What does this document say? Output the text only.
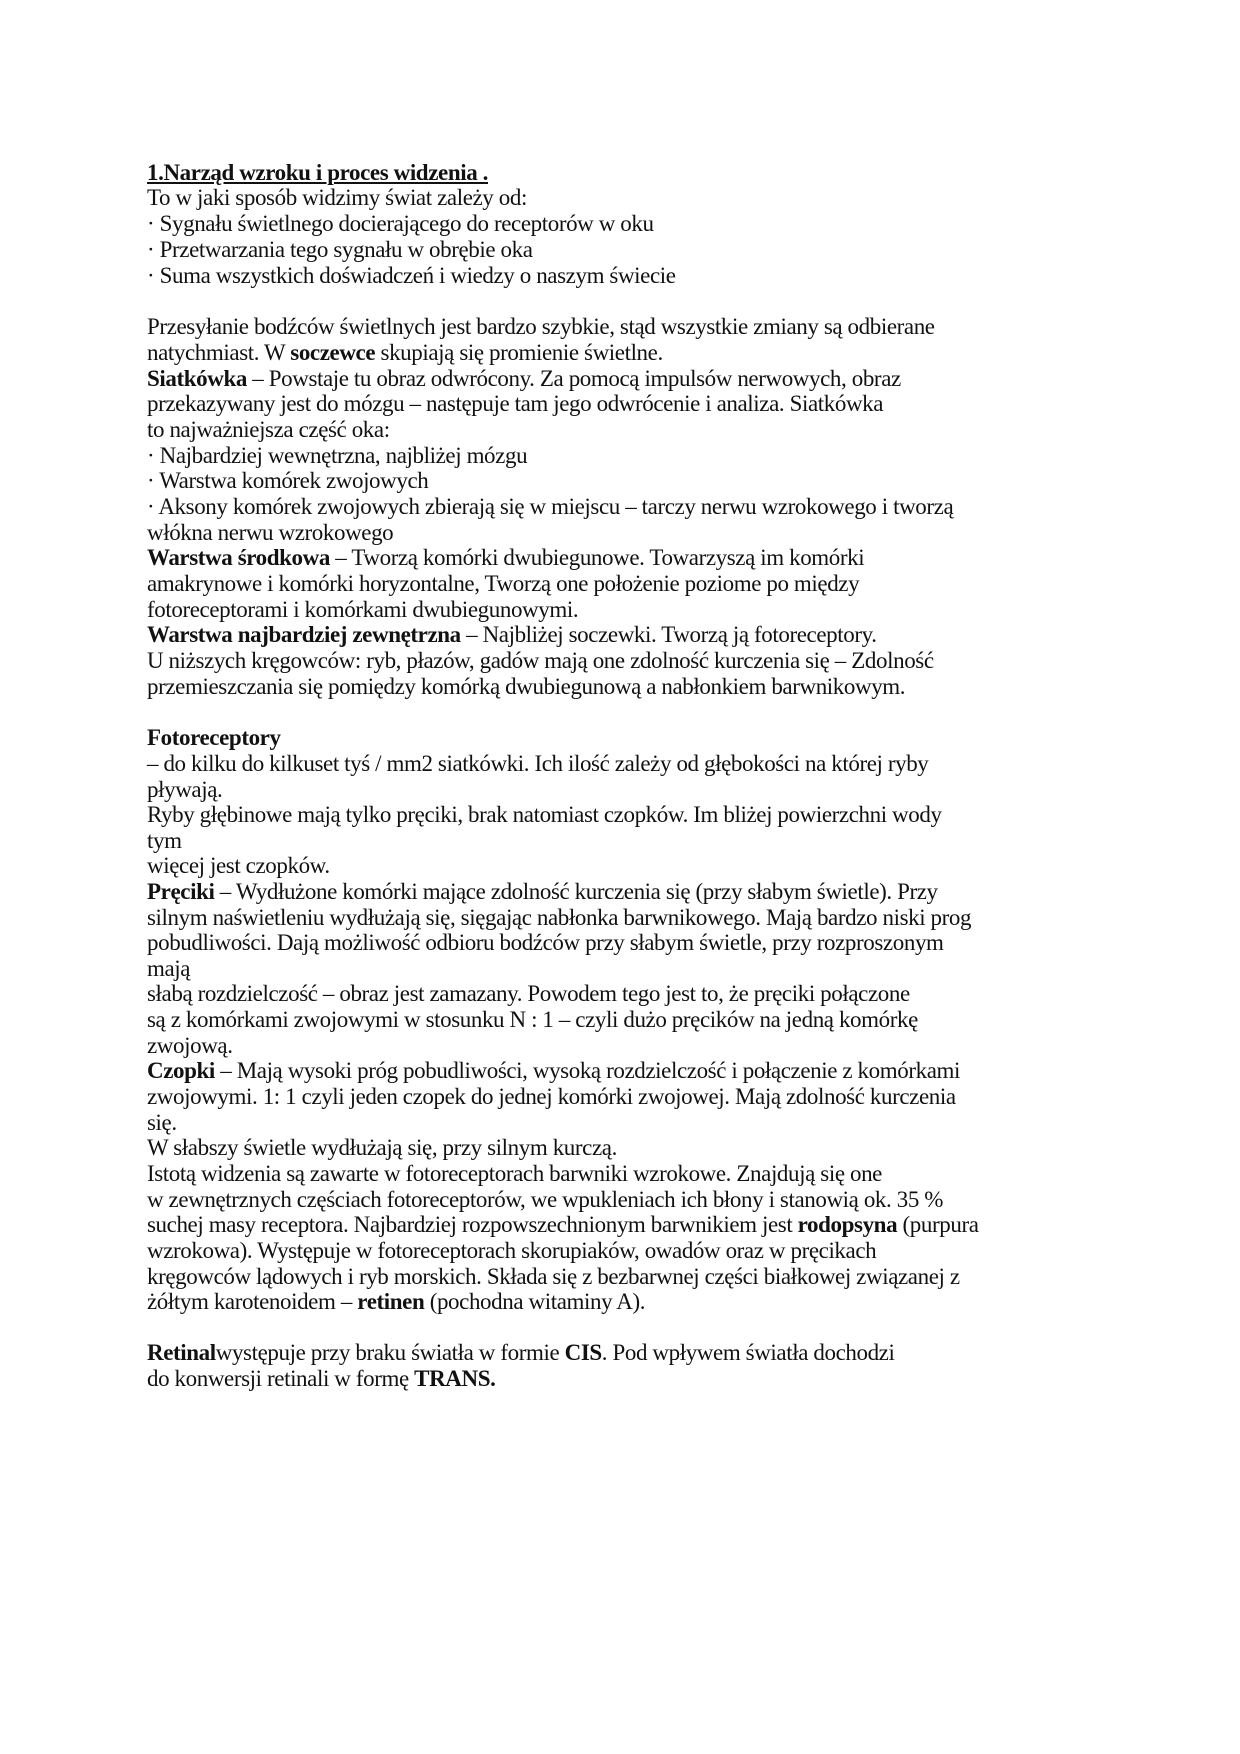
1.Narząd wzroku i proces widzenia .
To w jaki sposób widzimy świat zależy od:
· Sygnału świetlnego docierającego do receptorów w oku
· Przetwarzania tego sygnału w obrębie oka
· Suma wszystkich doświadczeń i wiedzy o naszym świecie
Przesyłanie bodźców świetlnych jest bardzo szybkie, stąd wszystkie zmiany są odbierane
natychmiast. W soczewce skupiają się promienie świetlne.
Siatkówka – Powstaje tu obraz odwrócony. Za pomocą impulsów nerwowych, obraz
przekazywany jest do mózgu – następuje tam jego odwrócenie i analiza. Siatkówka
to najważniejsza część oka:
· Najbardziej wewnętrzna, najbliżej mózgu
· Warstwa komórek zwojowych
· Aksony komórek zwojowych zbierają się w miejscu – tarczy nerwu wzrokowego i tworzą
włókna nerwu wzrokowego
Warstwa środkowa – Tworzą komórki dwubiegunowe. Towarzyszą im komórki
amakrynowe i komórki horyzontalne, Tworzą one położenie poziome po między
fotoreceptorami i komórkami dwubiegunowymi.
Warstwa najbardziej zewnętrzna – Najbliżej soczewki. Tworzą ją fotoreceptory.
U niższych kręgowców: ryb, płazów, gadów mają one zdolność kurczenia się – Zdolność
przemieszczania się pomiędzy komórką dwubiegunową a nabłonkiem barwnikowym.
Fotoreceptory
– do kilku do kilkuset tyś / mm2 siatkówki. Ich ilość zależy od głębokości na której ryby
pływają.
Ryby głębinowe mają tylko pręciki, brak natomiast czopków. Im bliżej powierzchni wody
tym
więcej jest czopków.
Pręciki – Wydłużone komórki mające zdolność kurczenia się (przy słabym świetle). Przy
silnym naświetleniu wydłużają się, sięgając nabłonka barwnikowego. Mają bardzo niski prog
pobudliwości. Dają możliwość odbioru bodźców przy słabym świetle, przy rozproszonym
mają
słabą rozdzielczość – obraz jest zamazany. Powodem tego jest to, że pręciki połączone
są z komórkami zwojowymi w stosunku N : 1 – czyli dużo pręcików na jedną komórkę
zwojową.
Czopki – Mają wysoki próg pobudliwości, wysoką rozdzielczość i połączenie z komórkami
zwojowymi. 1: 1 czyli jeden czopek do jednej komórki zwojowej. Mają zdolność kurczenia
się.
W słabszy świetle wydłużają się, przy silnym kurczą.
Istotą widzenia są zawarte w fotoreceptorach barwniki wzrokowe. Znajdują się one
w zewnętrznych częściach fotoreceptorów, we wpukleniach ich błony i stanowią ok. 35 %
suchej masy receptora. Najbardziej rozpowszechnionym barwnikiem jest rodopsyna (purpura
wzrokowa). Występuje w fotoreceptorach skorupiaków, owadów oraz w pręcikach
kręgowców lądowych i ryb morskich. Składa się z bezbarwnej części białkowej związanej z
żółtym karotenoidem – retinen (pochodna witaminy A).
Retinalwystępuje przy braku światła w formie CIS. Pod wpływem światła dochodzi
do konwersji retinali w formę TRANS.
